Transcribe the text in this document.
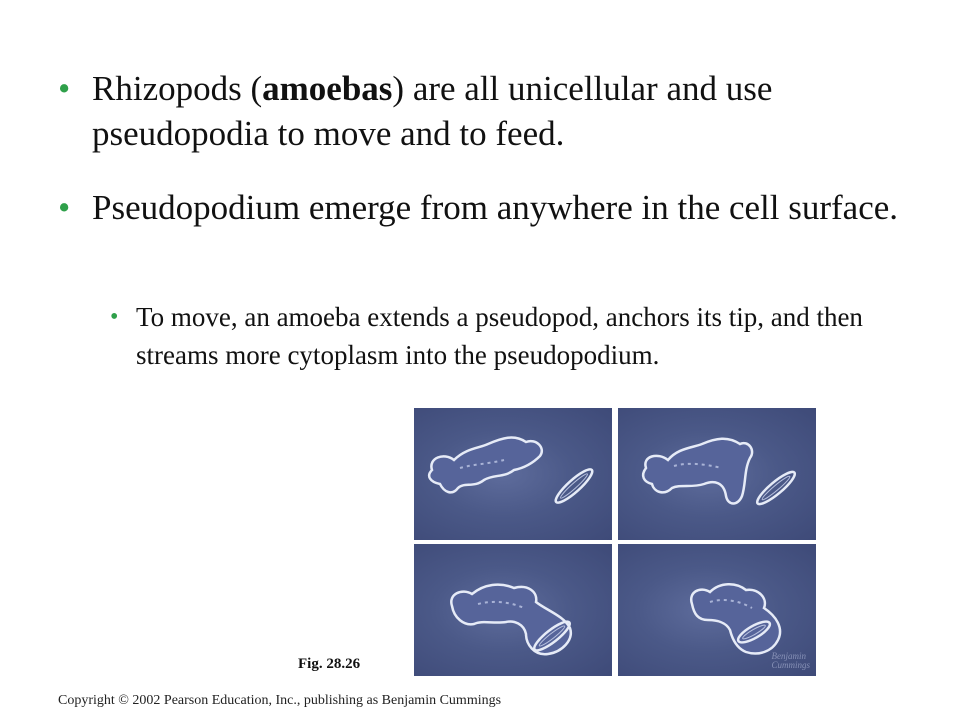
• Rhizopods (amoebas) are all unicellular and use pseudopodia to move and to feed.
• Pseudopodium emerge from anywhere in the cell surface.
• To move, an amoeba extends a pseudopod, anchors its tip, and then streams more cytoplasm into the pseudopodium.
Benjamin
Cummings
Fig. 28.26
Copyright © 2002 Pearson Education, Inc., publishing as Benjamin Cummings
